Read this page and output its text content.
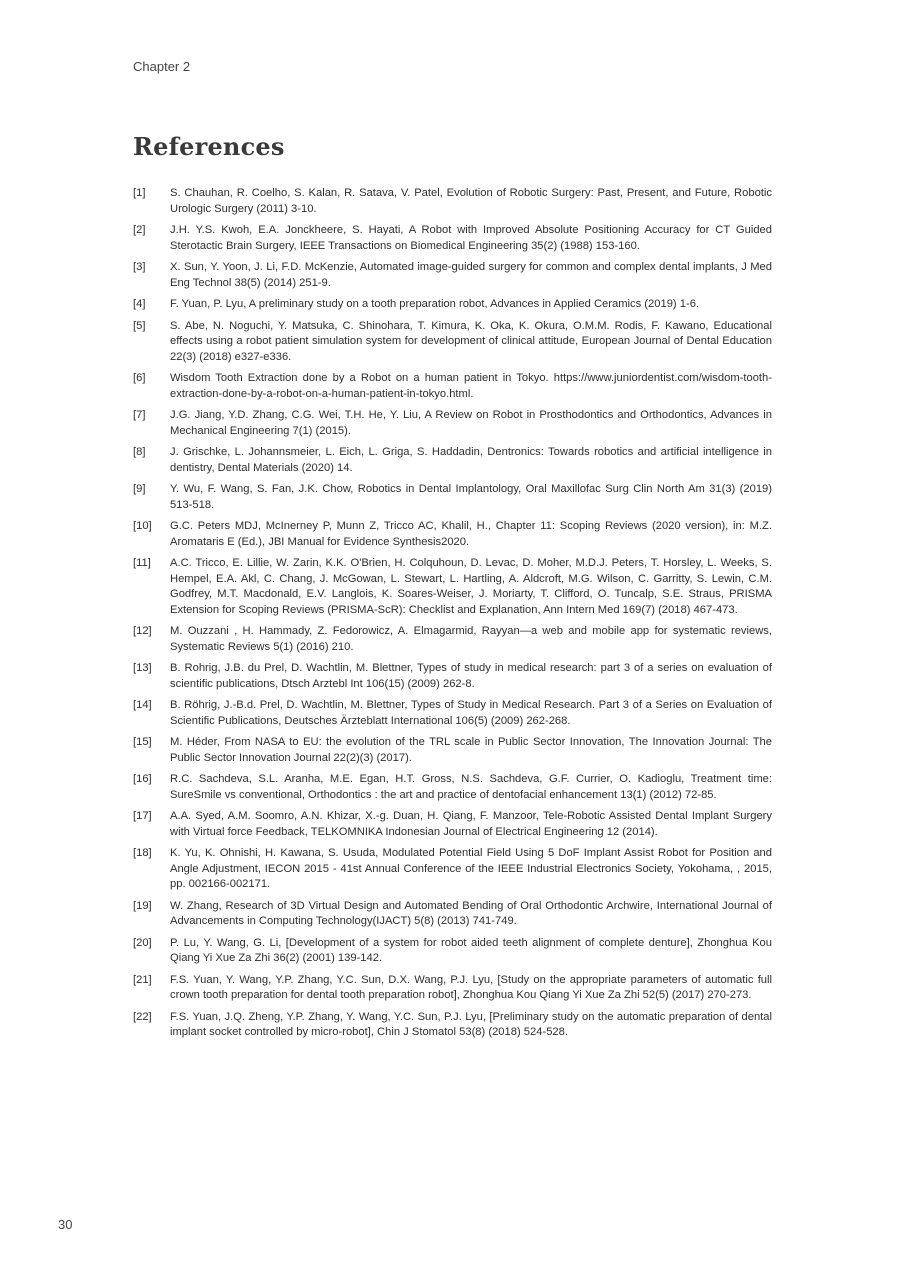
Chapter 2
References
[1] S. Chauhan, R. Coelho, S. Kalan, R. Satava, V. Patel, Evolution of Robotic Surgery: Past, Present, and Future, Robotic Urologic Surgery (2011) 3-10.
[2] J.H. Y.S. Kwoh, E.A. Jonckheere, S. Hayati, A Robot with Improved Absolute Positioning Accuracy for CT Guided Sterotactic Brain Surgery, IEEE Transactions on Biomedical Engineering 35(2) (1988) 153-160.
[3] X. Sun, Y. Yoon, J. Li, F.D. McKenzie, Automated image-guided surgery for common and complex dental implants, J Med Eng Technol 38(5) (2014) 251-9.
[4] F. Yuan, P. Lyu, A preliminary study on a tooth preparation robot, Advances in Applied Ceramics (2019) 1-6.
[5] S. Abe, N. Noguchi, Y. Matsuka, C. Shinohara, T. Kimura, K. Oka, K. Okura, O.M.M. Rodis, F. Kawano, Educational effects using a robot patient simulation system for development of clinical attitude, European Journal of Dental Education 22(3) (2018) e327-e336.
[6] Wisdom Tooth Extraction done by a Robot on a human patient in Tokyo. https://www.juniordentist.com/wisdom-tooth-extraction-done-by-a-robot-on-a-human-patient-in-tokyo.html.
[7] J.G. Jiang, Y.D. Zhang, C.G. Wei, T.H. He, Y. Liu, A Review on Robot in Prosthodontics and Orthodontics, Advances in Mechanical Engineering 7(1) (2015).
[8] J. Grischke, L. Johannsmeier, L. Eich, L. Griga, S. Haddadin, Dentronics: Towards robotics and artificial intelligence in dentistry, Dental Materials (2020) 14.
[9] Y. Wu, F. Wang, S. Fan, J.K. Chow, Robotics in Dental Implantology, Oral Maxillofac Surg Clin North Am 31(3) (2019) 513-518.
[10] G.C. Peters MDJ, McInerney P, Munn Z, Tricco AC, Khalil, H., Chapter 11: Scoping Reviews (2020 version), in: M.Z. Aromataris E (Ed.), JBI Manual for Evidence Synthesis2020.
[11] A.C. Tricco, E. Lillie, W. Zarin, K.K. O'Brien, H. Colquhoun, D. Levac, D. Moher, M.D.J. Peters, T. Horsley, L. Weeks, S. Hempel, E.A. Akl, C. Chang, J. McGowan, L. Stewart, L. Hartling, A. Aldcroft, M.G. Wilson, C. Garritty, S. Lewin, C.M. Godfrey, M.T. Macdonald, E.V. Langlois, K. Soares-Weiser, J. Moriarty, T. Clifford, O. Tuncalp, S.E. Straus, PRISMA Extension for Scoping Reviews (PRISMA-ScR): Checklist and Explanation, Ann Intern Med 169(7) (2018) 467-473.
[12] M. Ouzzani , H. Hammady, Z. Fedorowicz, A. Elmagarmid, Rayyan—a web and mobile app for systematic reviews, Systematic Reviews 5(1) (2016) 210.
[13] B. Rohrig, J.B. du Prel, D. Wachtlin, M. Blettner, Types of study in medical research: part 3 of a series on evaluation of scientific publications, Dtsch Arztebl Int 106(15) (2009) 262-8.
[14] B. Röhrig, J.-B.d. Prel, D. Wachtlin, M. Blettner, Types of Study in Medical Research. Part 3 of a Series on Evaluation of Scientific Publications, Deutsches Ärzteblatt International 106(5) (2009) 262-268.
[15] M. Héder, From NASA to EU: the evolution of the TRL scale in Public Sector Innovation, The Innovation Journal: The Public Sector Innovation Journal 22(2)(3) (2017).
[16] R.C. Sachdeva, S.L. Aranha, M.E. Egan, H.T. Gross, N.S. Sachdeva, G.F. Currier, O. Kadioglu, Treatment time: SureSmile vs conventional, Orthodontics : the art and practice of dentofacial enhancement 13(1) (2012) 72-85.
[17] A.A. Syed, A.M. Soomro, A.N. Khizar, X.-g. Duan, H. Qiang, F. Manzoor, Tele-Robotic Assisted Dental Implant Surgery with Virtual force Feedback, TELKOMNIKA Indonesian Journal of Electrical Engineering 12 (2014).
[18] K. Yu, K. Ohnishi, H. Kawana, S. Usuda, Modulated Potential Field Using 5 DoF Implant Assist Robot for Position and Angle Adjustment, IECON 2015 - 41st Annual Conference of the IEEE Industrial Electronics Society, Yokohama, , 2015, pp. 002166-002171.
[19] W. Zhang, Research of 3D Virtual Design and Automated Bending of Oral Orthodontic Archwire, International Journal of Advancements in Computing Technology(IJACT) 5(8) (2013) 741-749.
[20] P. Lu, Y. Wang, G. Li, [Development of a system for robot aided teeth alignment of complete denture], Zhonghua Kou Qiang Yi Xue Za Zhi 36(2) (2001) 139-142.
[21] F.S. Yuan, Y. Wang, Y.P. Zhang, Y.C. Sun, D.X. Wang, P.J. Lyu, [Study on the appropriate parameters of automatic full crown tooth preparation for dental tooth preparation robot], Zhonghua Kou Qiang Yi Xue Za Zhi 52(5) (2017) 270-273.
[22] F.S. Yuan, J.Q. Zheng, Y.P. Zhang, Y. Wang, Y.C. Sun, P.J. Lyu, [Preliminary study on the automatic preparation of dental implant socket controlled by micro-robot], Chin J Stomatol 53(8) (2018) 524-528.
30
